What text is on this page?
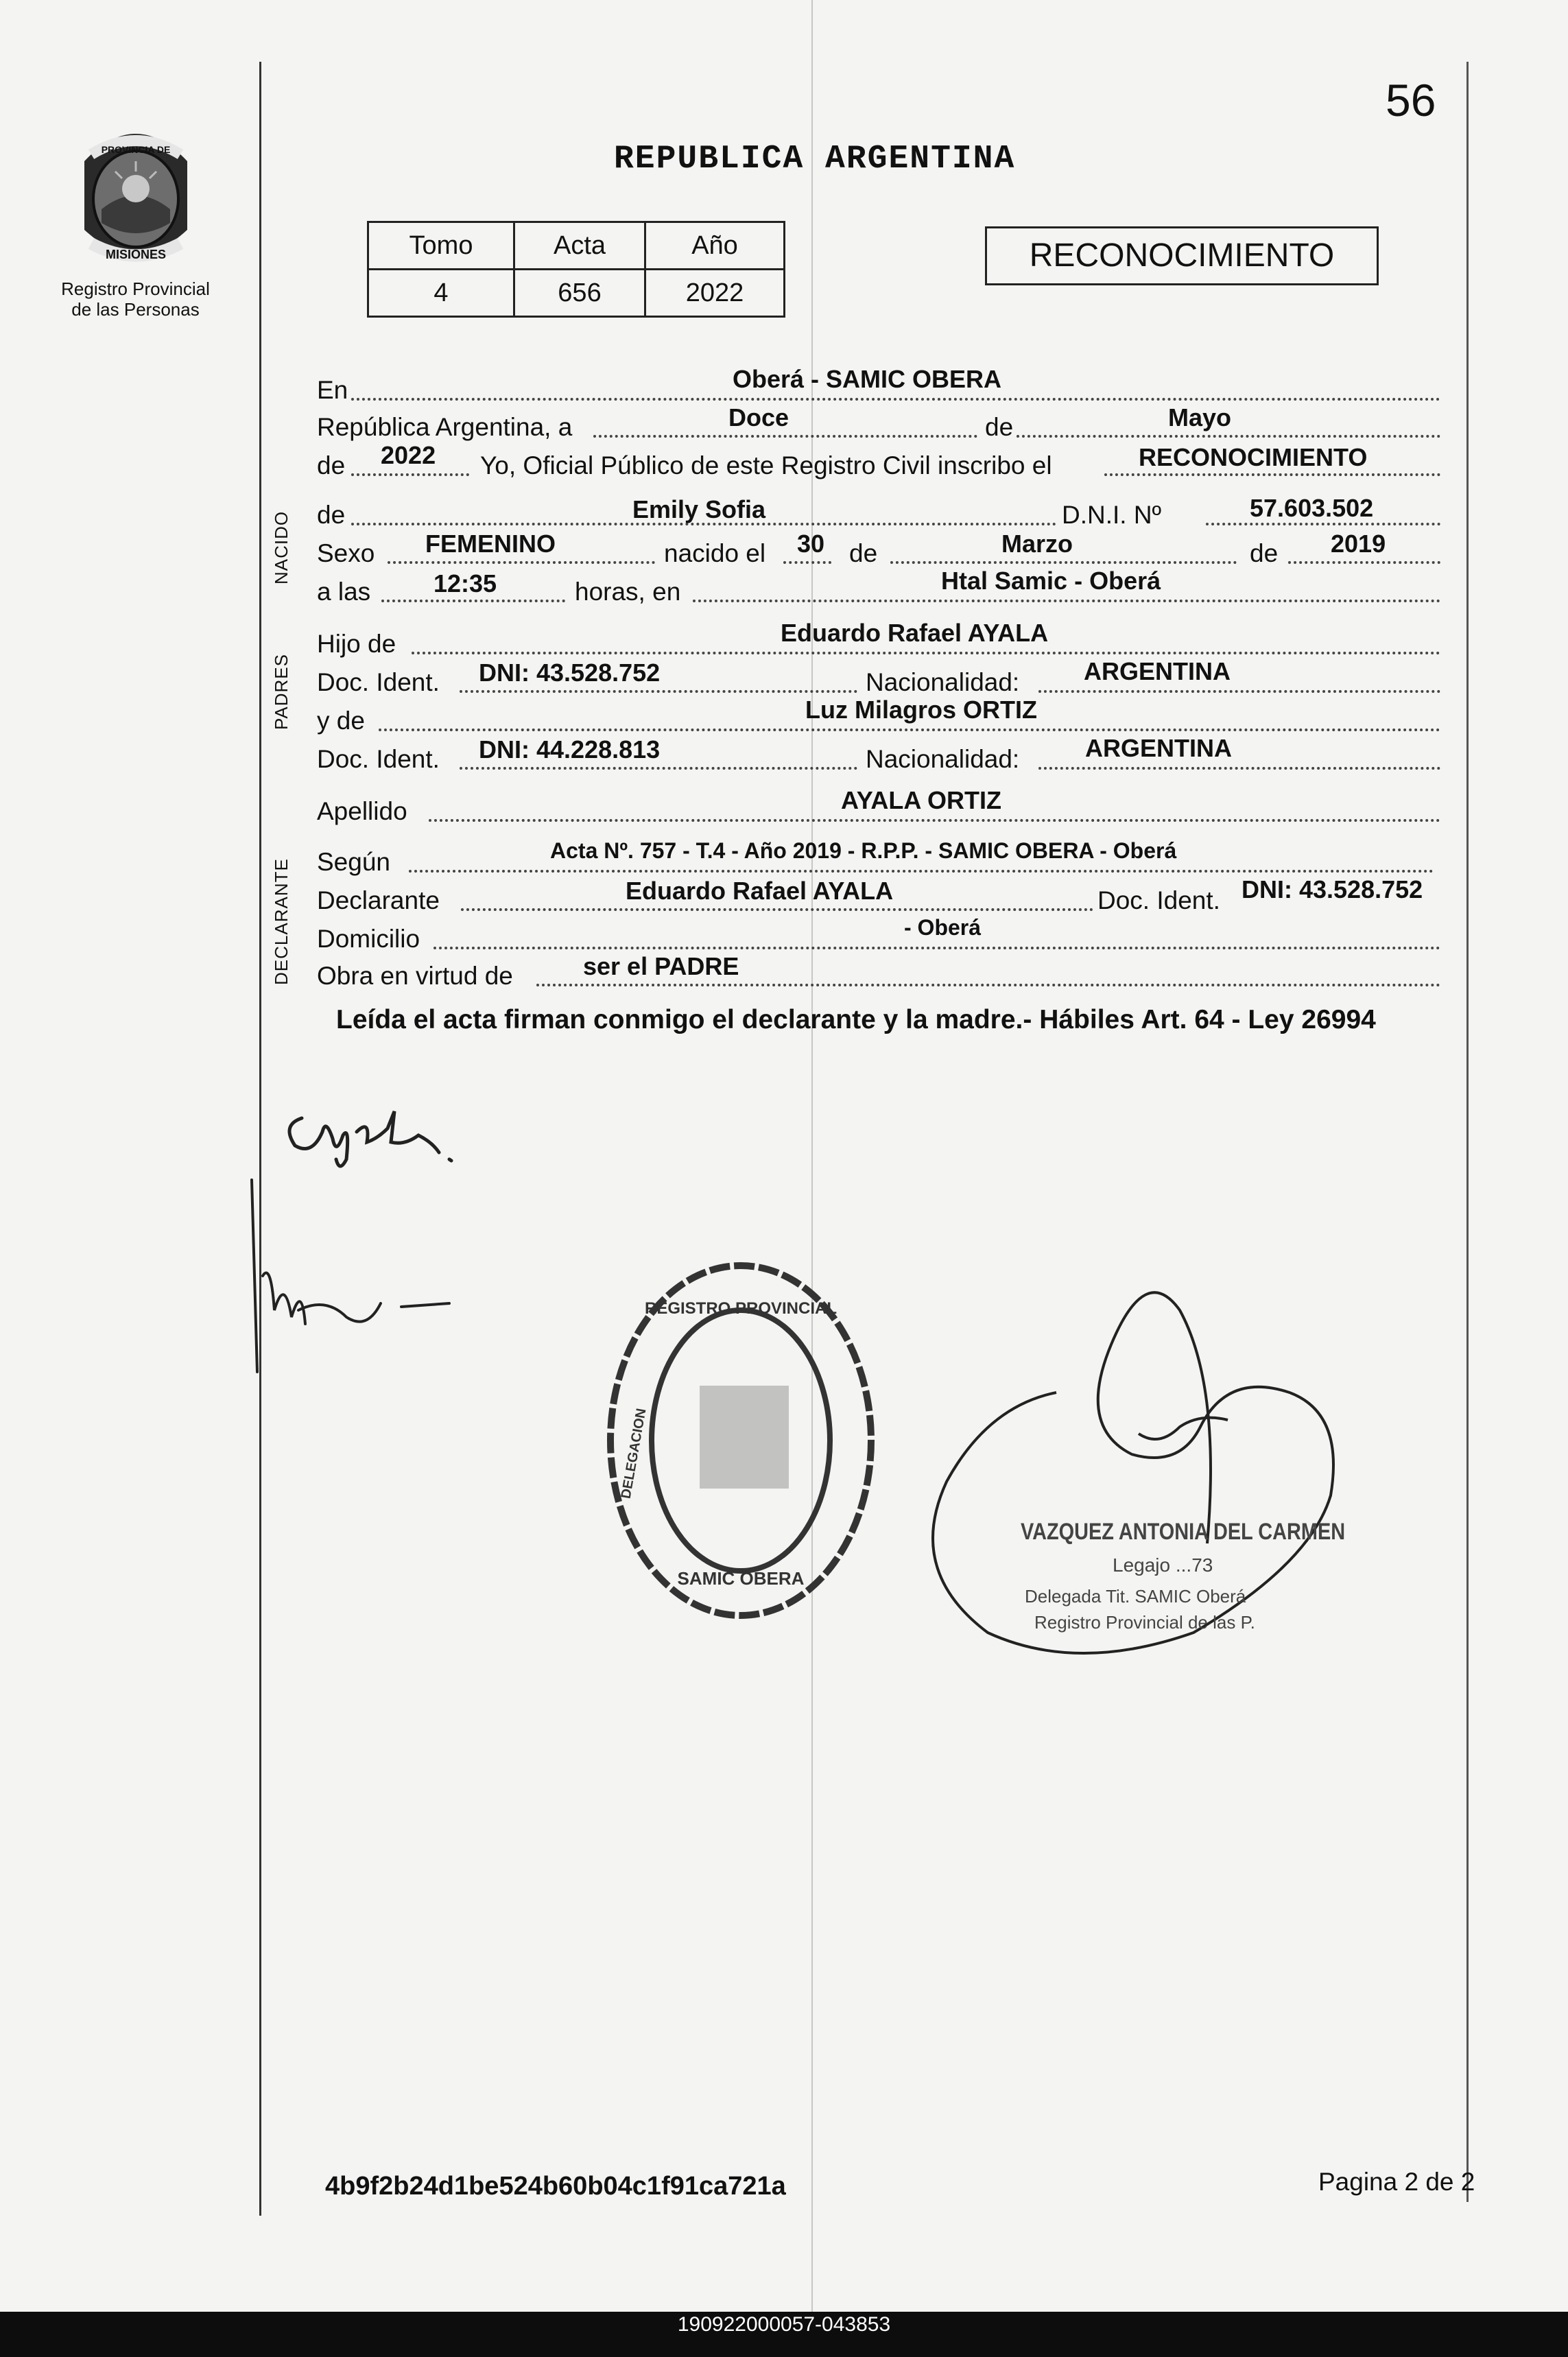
PROVINCIA DE
MISIONES
Registro Provincial
de las Personas
56
REPUBLICA ARGENTINA
Tomo	Acta	Año
4	656	2022
RECONOCIMIENTO
NACIDO
PADRES
DECLARANTE
En	Oberá - SAMIC OBERA
República Argentina, a	Doce	de	Mayo
de 2022 Yo, Oficial Público de este Registro Civil inscribo el	RECONOCIMIENTO
de	Emily Sofia	D.N.I. Nº	57.603.502
Sexo FEMENINO	nacido el 30 de	Marzo	de 2019
a las	12:35	horas, en	Htal Samic - Oberá
Hijo de	Eduardo Rafael AYALA
Doc. Ident. DNI: 43.528.752	Nacionalidad:	ARGENTINA
y de	Luz Milagros ORTIZ
Doc. Ident. DNI: 44.228.813	Nacionalidad:	ARGENTINA
Apellido	AYALA ORTIZ
Según	Acta Nº. 757 - T.4 - Año 2019 - R.P.P. - SAMIC OBERA - Oberá
Declarante	Eduardo Rafael AYALA	Doc. Ident. DNI: 43.528.752
Domicilio	- Oberá
Obra en virtud de	ser el PADRE
Leída el acta firman conmigo el declarante y la madre.- Hábiles Art. 64 - Ley 26994
REGISTRO PROVINCIAL
SAMIC OBERA
DELEGACION
VAZQUEZ ANTONIA DEL CARMEN
Legajo ...73
Delegada Tit. SAMIC Oberá
Registro Provincial de las P.
4b9f2b24d1be524b60b04c1f91ca721a	Pagina 2 de 2
190922000057-043853
